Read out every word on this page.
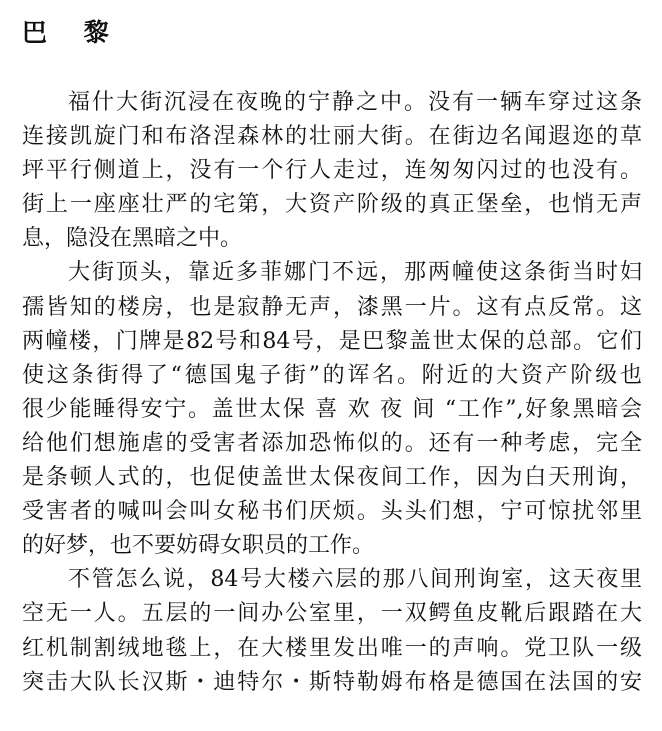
巴 黎
福什大街沉浸在夜晚的宁静之中。没有一辆车穿过这条
连接凯旋门和布洛涅森林的壮丽大街。在街边名闻遐迩的草
坪平行侧道上，没有一个行人走过，连匆匆闪过的也没有。
街上一座座壮严的宅第，大资产阶级的真正堡垒，也悄无声
息，隐没在黑暗之中。
大街顶头，靠近多菲娜门不远，那两幢使这条街当时妇
孺皆知的楼房，也是寂静无声，漆黑一片。这有点反常。这
两幢楼，门牌是82号和84号，是巴黎盖世太保的总部。它们
使这条街得了“德国鬼子街”的诨名。附近的大资产阶级也
很少能睡得安宁。盖世太保 喜 欢 夜 间 “工作”,好象黑暗会
给他们想施虐的受害者添加恐怖似的。还有一种考虑，完全
是条顿人式的，也促使盖世太保夜间工作，因为白天刑询，
受害者的喊叫会叫女秘书们厌烦。头头们想，宁可惊扰邻里
的好梦，也不要妨碍女职员的工作。
不管怎么说，84号大楼六层的那八间刑询室，这天夜里
空无一人。五层的一间办公室里，一双鳄鱼皮靴后跟踏在大
红机制割绒地毯上，在大楼里发出唯一的声响。党卫队一级
突击大队长汉斯・迪特尔・斯特勒姆布格是德国在法国的安
